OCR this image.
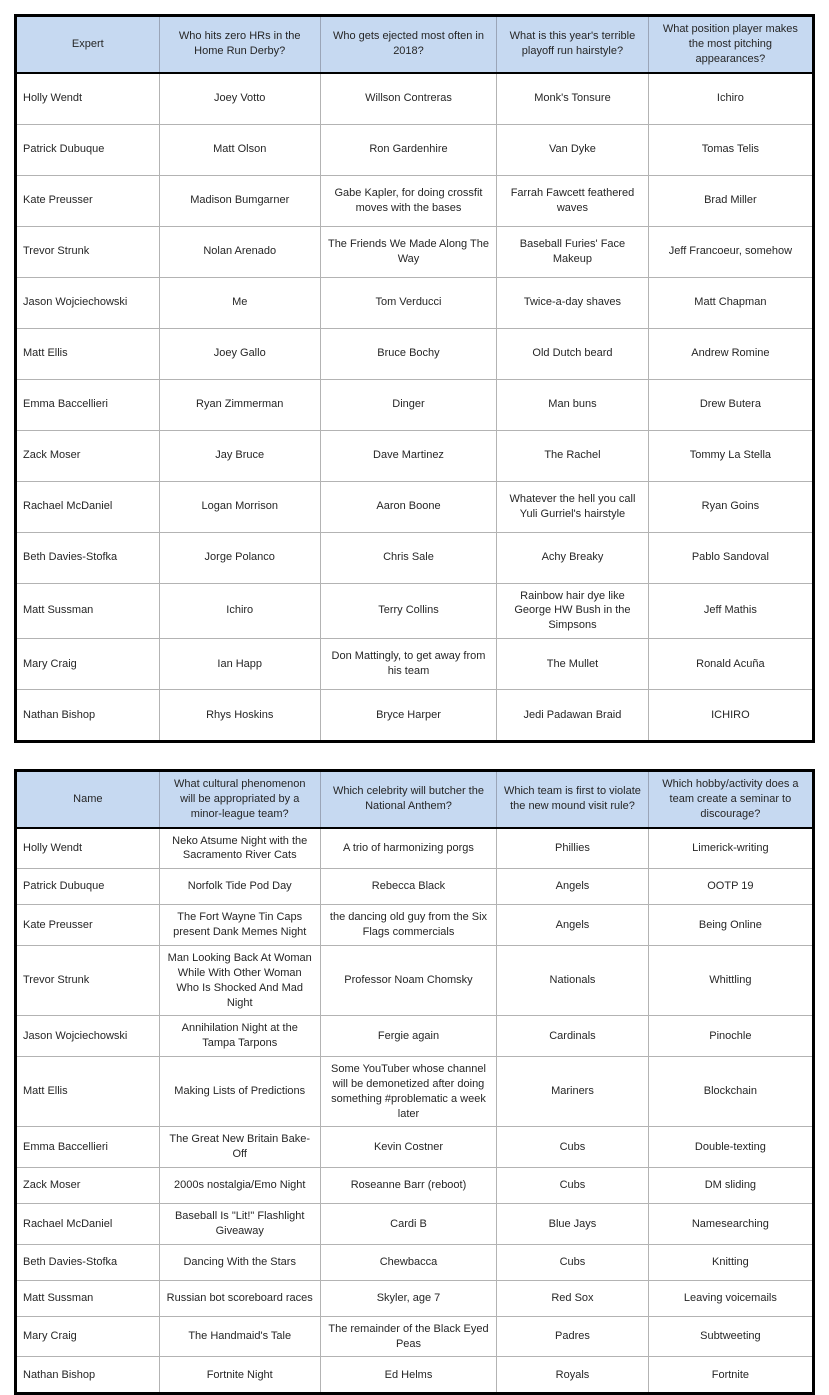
Expert	Who hits zero HRs in the Home Run Derby?	Who gets ejected most often in 2018?	What is this year's terrible playoff run hairstyle?	What position player makes the most pitching appearances?
Holly Wendt	Joey Votto	Willson Contreras	Monk's Tonsure	Ichiro
Patrick Dubuque	Matt Olson	Ron Gardenhire	Van Dyke	Tomas Telis
Kate Preusser	Madison Bumgarner	Gabe Kapler, for doing crossfit moves with the bases	Farrah Fawcett feathered waves	Brad Miller
Trevor Strunk	Nolan Arenado	The Friends We Made Along The Way	Baseball Furies' Face Makeup	Jeff Francoeur, somehow
Jason Wojciechowski	Me	Tom Verducci	Twice-a-day shaves	Matt Chapman
Matt Ellis	Joey Gallo	Bruce Bochy	Old Dutch beard	Andrew Romine
Emma Baccellieri	Ryan Zimmerman	Dinger	Man buns	Drew Butera
Zack Moser	Jay Bruce	Dave Martinez	The Rachel	Tommy La Stella
Rachael McDaniel	Logan Morrison	Aaron Boone	Whatever the hell you call Yuli Gurriel's hairstyle	Ryan Goins
Beth Davies-Stofka	Jorge Polanco	Chris Sale	Achy Breaky	Pablo Sandoval
Matt Sussman	Ichiro	Terry Collins	Rainbow hair dye like George HW Bush in the Simpsons	Jeff Mathis
Mary Craig	Ian Happ	Don Mattingly, to get away from his team	The Mullet	Ronald Acuña
Nathan Bishop	Rhys Hoskins	Bryce Harper	Jedi Padawan Braid	ICHIRO
Name	What cultural phenomenon will be appropriated by a minor-league team?	Which celebrity will butcher the National Anthem?	Which team is first to violate the new mound visit rule?	Which hobby/activity does a team create a seminar to discourage?
Holly Wendt	Neko Atsume Night with the Sacramento River Cats	A trio of harmonizing porgs	Phillies	Limerick-writing
Patrick Dubuque	Norfolk Tide Pod Day	Rebecca Black	Angels	OOTP 19
Kate Preusser	The Fort Wayne Tin Caps present Dank Memes Night	the dancing old guy from the Six Flags commercials	Angels	Being Online
Trevor Strunk	Man Looking Back At Woman While With Other Woman Who Is Shocked And Mad Night	Professor Noam Chomsky	Nationals	Whittling
Jason Wojciechowski	Annihilation Night at the Tampa Tarpons	Fergie again	Cardinals	Pinochle
Matt Ellis	Making Lists of Predictions	Some YouTuber whose channel will be demonetized after doing something #problematic a week later	Mariners	Blockchain
Emma Baccellieri	The Great New Britain Bake-Off	Kevin Costner	Cubs	Double-texting
Zack Moser	2000s nostalgia/Emo Night	Roseanne Barr (reboot)	Cubs	DM sliding
Rachael McDaniel	Baseball Is "Lit!" Flashlight Giveaway	Cardi B	Blue Jays	Namesearching
Beth Davies-Stofka	Dancing With the Stars	Chewbacca	Cubs	Knitting
Matt Sussman	Russian bot scoreboard races	Skyler, age 7	Red Sox	Leaving voicemails
Mary Craig	The Handmaid's Tale	The remainder of the Black Eyed Peas	Padres	Subtweeting
Nathan Bishop	Fortnite Night	Ed Helms	Royals	Fortnite
